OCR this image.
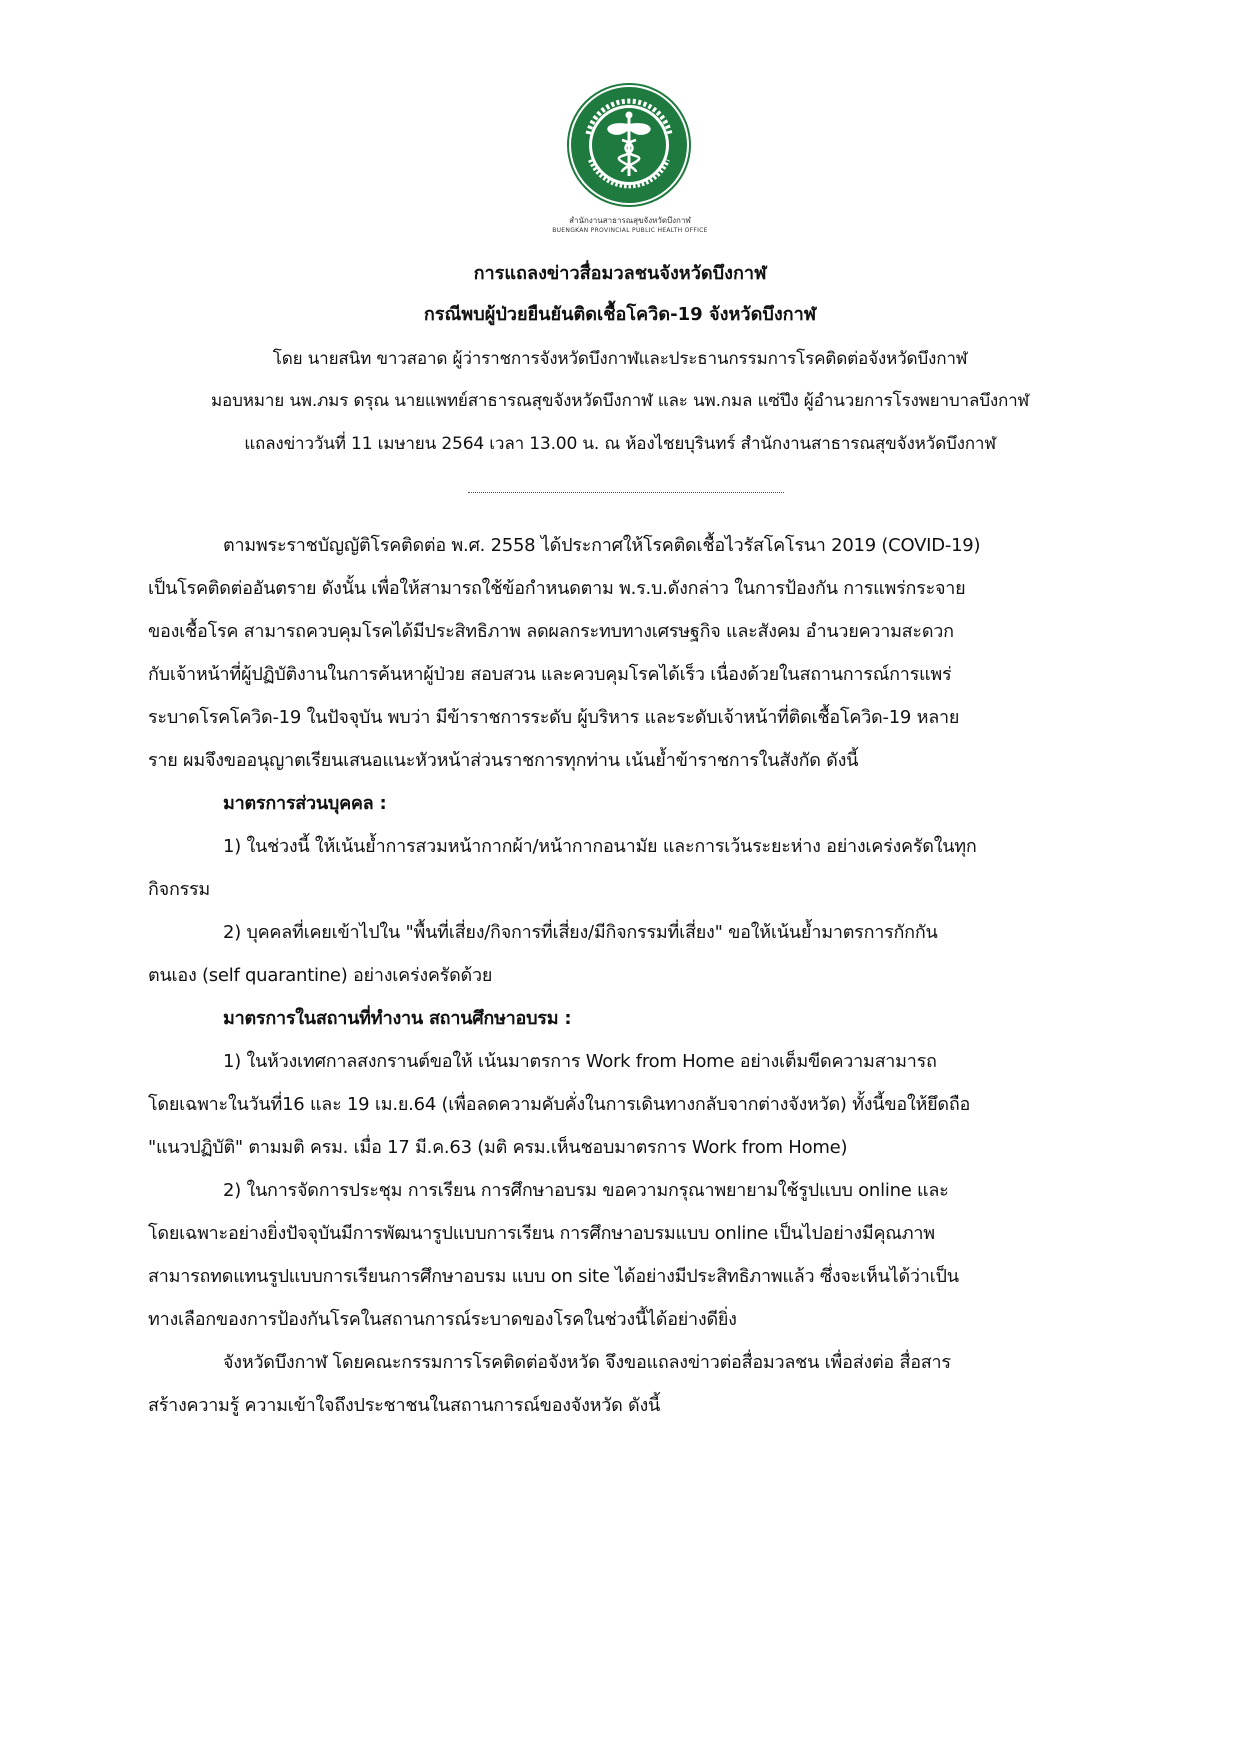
สำนักงานสาธารณสุขจังหวัดบึงกาฬ
BUENGKAN PROVINCIAL PUBLIC HEALTH OFFICE
การแถลงข่าวสื่อมวลชนจังหวัดบึงกาฬ
กรณีพบผู้ป่วยยืนยันติดเชื้อโควิด-19 จังหวัดบึงกาฬ
โดย นายสนิท ขาวสอาด ผู้ว่าราชการจังหวัดบึงกาฬและประธานกรรมการโรคติดต่อจังหวัดบึงกาฬ
มอบหมาย นพ.ภมร ดรุณ นายแพทย์สาธารณสุขจังหวัดบึงกาฬ และ นพ.กมล แซ่ปึง ผู้อำนวยการโรงพยาบาลบึงกาฬ
แถลงข่าววันที่ 11 เมษายน 2564 เวลา 13.00 น. ณ ห้องไชยบุรินทร์ สำนักงานสาธารณสุขจังหวัดบึงกาฬ
ตามพระราชบัญญัติโรคติดต่อ พ.ศ. 2558 ได้ประกาศให้โรคติดเชื้อไวรัสโคโรนา 2019 (COVID-19)
เป็นโรคติดต่ออันตราย ดังนั้น เพื่อให้สามารถใช้ข้อกำหนดตาม พ.ร.บ.ดังกล่าว ในการป้องกัน การแพร่กระจาย
ของเชื้อโรค สามารถควบคุมโรคได้มีประสิทธิภาพ ลดผลกระทบทางเศรษฐกิจ และสังคม อำนวยความสะดวก
กับเจ้าหน้าที่ผู้ปฏิบัติงานในการค้นหาผู้ป่วย สอบสวน และควบคุมโรคได้เร็ว เนื่องด้วยในสถานการณ์การแพร่
ระบาดโรคโควิด-19 ในปัจจุบัน พบว่า มีข้าราชการระดับ ผู้บริหาร และระดับเจ้าหน้าที่ติดเชื้อโควิด-19 หลาย
ราย ผมจึงขออนุญาตเรียนเสนอแนะหัวหน้าส่วนราชการทุกท่าน เน้นย้ำข้าราชการในสังกัด ดังนี้
มาตรการส่วนบุคคล :
1) ในช่วงนี้ ให้เน้นย้ำการสวมหน้ากากผ้า/หน้ากากอนามัย และการเว้นระยะห่าง อย่างเคร่งครัดในทุก
กิจกรรม
2) บุคคลที่เคยเข้าไปใน "พื้นที่เสี่ยง/กิจการที่เสี่ยง/มีกิจกรรมที่เสี่ยง" ขอให้เน้นย้ำมาตรการกักกัน
ตนเอง (self quarantine) อย่างเคร่งครัดด้วย
มาตรการในสถานที่ทำงาน สถานศึกษาอบรม :
1) ในห้วงเทศกาลสงกรานต์ขอให้ เน้นมาตรการ Work from Home อย่างเต็มขีดความสามารถ
โดยเฉพาะในวันที่16 และ 19 เม.ย.64 (เพื่อลดความคับคั่งในการเดินทางกลับจากต่างจังหวัด) ทั้งนี้ขอให้ยึดถือ
"แนวปฏิบัติ" ตามมติ ครม. เมื่อ 17 มี.ค.63 (มติ ครม.เห็นชอบมาตรการ Work from Home)
2) ในการจัดการประชุม การเรียน การศึกษาอบรม ขอความกรุณาพยายามใช้รูปแบบ online และ
โดยเฉพาะอย่างยิ่งปัจจุบันมีการพัฒนารูปแบบการเรียน การศึกษาอบรมแบบ online เป็นไปอย่างมีคุณภาพ
สามารถทดแทนรูปแบบการเรียนการศึกษาอบรม แบบ on site ได้อย่างมีประสิทธิภาพแล้ว ซึ่งจะเห็นได้ว่าเป็น
ทางเลือกของการป้องกันโรคในสถานการณ์ระบาดของโรคในช่วงนี้ได้อย่างดียิ่ง
จังหวัดบึงกาฬ โดยคณะกรรมการโรคติดต่อจังหวัด จึงขอแถลงข่าวต่อสื่อมวลชน เพื่อส่งต่อ สื่อสาร
สร้างความรู้ ความเข้าใจถึงประชาชนในสถานการณ์ของจังหวัด ดังนี้
